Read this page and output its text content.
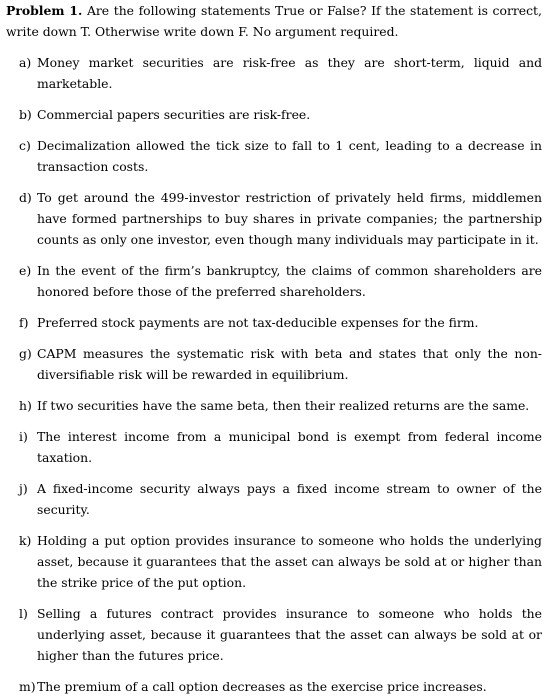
Problem 1. Are the following statements True or False? If the statement is correct, write down T. Otherwise write down F. No argument required.

a) Money market securities are risk-free as they are short-term, liquid and marketable.
b) Commercial papers securities are risk-free.
c) Decimalization allowed the tick size to fall to 1 cent, leading to a decrease in transaction costs.
d) To get around the 499-investor restriction of privately held firms, middlemen have formed partnerships to buy shares in private companies; the partnership counts as only one investor, even though many individuals may participate in it.
e) In the event of the firm’s bankruptcy, the claims of common shareholders are honored before those of the preferred shareholders.
f) Preferred stock payments are not tax-deducible expenses for the firm.
g) CAPM measures the systematic risk with beta and states that only the non-diversifiable risk will be rewarded in equilibrium.
h) If two securities have the same beta, then their realized returns are the same.
i) The interest income from a municipal bond is exempt from federal income taxation.
j) A fixed-income security always pays a fixed income stream to owner of the security.
k) Holding a put option provides insurance to someone who holds the underlying asset, because it guarantees that the asset can always be sold at or higher than the strike price of the put option.
l) Selling a futures contract provides insurance to someone who holds the underlying asset, because it guarantees that the asset can always be sold at or higher than the futures price.
m) The premium of a call option decreases as the exercise price increases.
